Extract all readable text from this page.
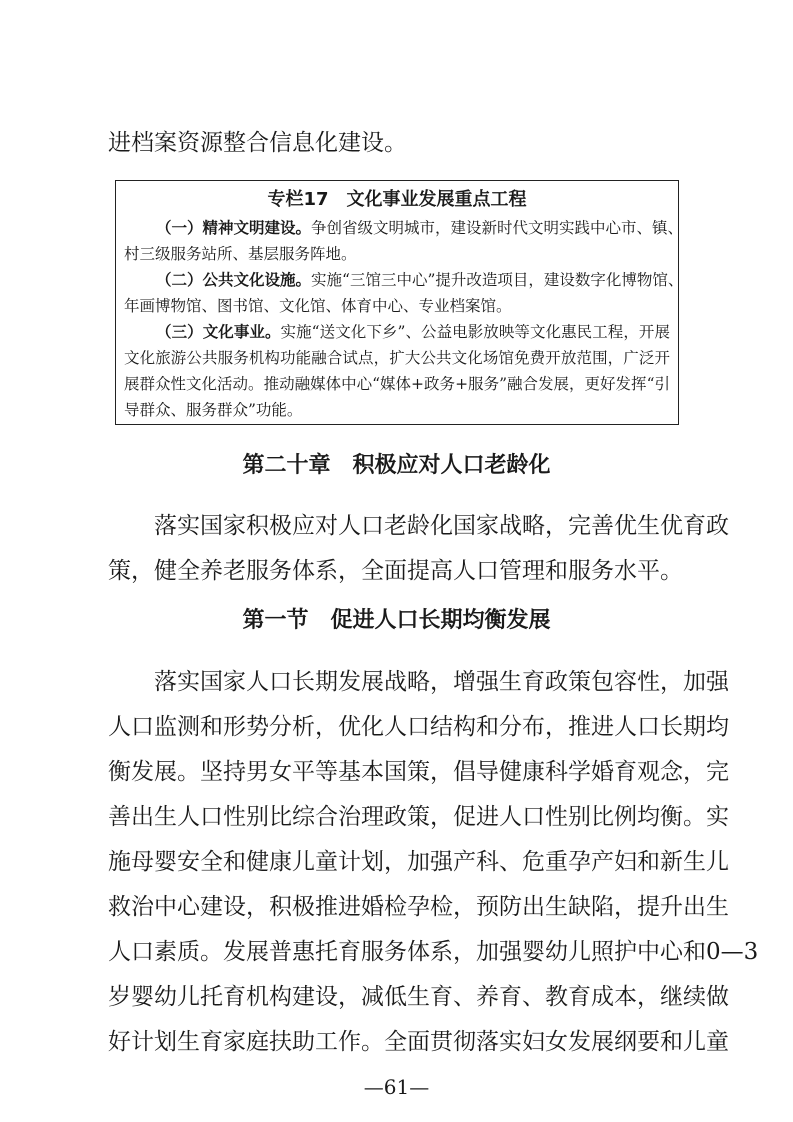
进档案资源整合信息化建设。
专栏17　文化事业发展重点工程
（一）精神文明建设。争创省级文明城市，建设新时代文明实践中心市、镇、
村三级服务站所、基层服务阵地。
（二）公共文化设施。实施“三馆三中心”提升改造项目，建设数字化博物馆、
年画博物馆、图书馆、文化馆、体育中心、专业档案馆。
（三）文化事业。实施“送文化下乡”、公益电影放映等文化惠民工程，开展
文化旅游公共服务机构功能融合试点，扩大公共文化场馆免费开放范围，广泛开
展群众性文化活动。推动融媒体中心“媒体+政务+服务”融合发展，更好发挥“引
导群众、服务群众”功能。
第二十章　积极应对人口老龄化
落实国家积极应对人口老龄化国家战略，完善优生优育政
策，健全养老服务体系，全面提高人口管理和服务水平。
第一节　促进人口长期均衡发展
落实国家人口长期发展战略，增强生育政策包容性，加强
人口监测和形势分析，优化人口结构和分布，推进人口长期均
衡发展。坚持男女平等基本国策，倡导健康科学婚育观念，完
善出生人口性别比综合治理政策，促进人口性别比例均衡。实
施母婴安全和健康儿童计划，加强产科、危重孕产妇和新生儿
救治中心建设，积极推进婚检孕检，预防出生缺陷，提升出生
人口素质。发展普惠托育服务体系，加强婴幼儿照护中心和0—3
岁婴幼儿托育机构建设，减低生育、养育、教育成本，继续做
好计划生育家庭扶助工作。全面贯彻落实妇女发展纲要和儿童
—61—
